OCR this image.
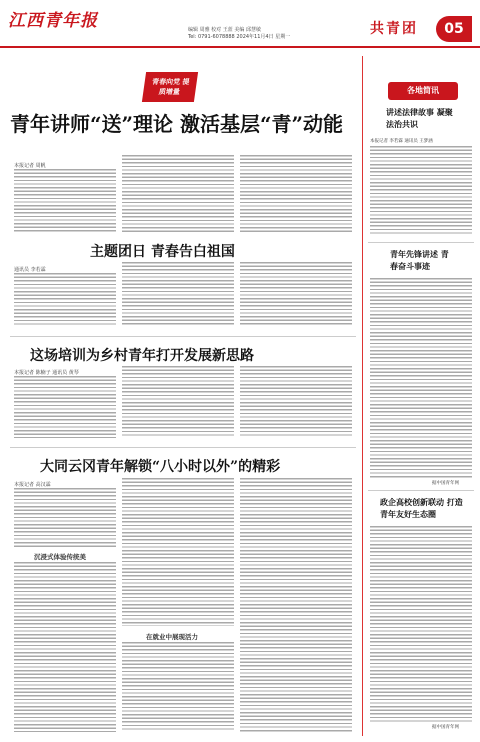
江西青年报	编辑 周雅 校对 王蓝 美编 邱慧敏
Tel: 0791-6078888 2024年11月4日 星期一	共青团	05
青春向党 提质增量
青年讲师“送”理论 激活基层“青”动能
本报记者 周帆
主题团日 青春告白祖国
通讯员 李若霖
这场培训为乡村青年打开发展新思路
本报记者 陈楠子 通讯员 黄琴
大同云冈青年解锁“八小时以外”的精彩
本报记者 高汉霖
沉浸式体验传统美
在就业中展现活力
各地简讯
讲述法律故事 凝聚法治共识
本报记者 李若霖 通讯员 王梦涵
青年先锋讲述 青春奋斗事迹
据中国青年网
政企高校创新联动 打造青年友好生态圈
据中国青年网
